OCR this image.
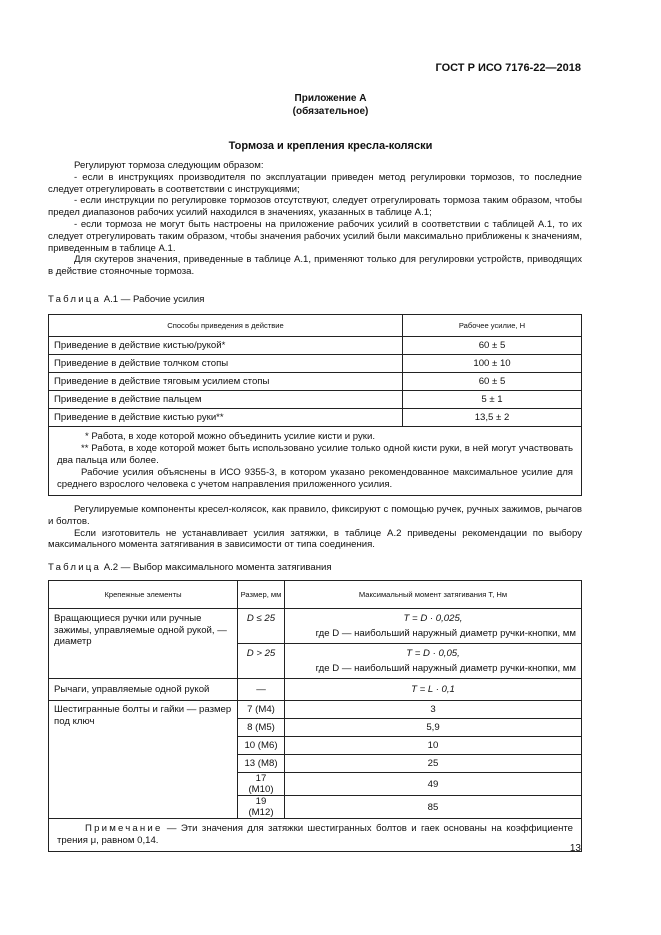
ГОСТ Р ИСО 7176-22—2018
Приложение А
(обязательное)
Тормоза и крепления кресла-коляски

Регулируют тормоза следующим образом:

- если в инструкциях производителя по эксплуатации приведен метод регулировки тормозов, то последние следует отрегулировать в соответствии с инструкциями;

- если инструкции по регулировке тормозов отсутствуют, следует отрегулировать тормоза таким образом, чтобы предел диапазонов рабочих усилий находился в значениях, указанных в таблице А.1;

- если тормоза не могут быть настроены на приложение рабочих усилий в соответствии с таблицей А.1, то их следует отрегулировать таким образом, чтобы значения рабочих усилий были максимально приближены к значениям, приведенным в таблице А.1.

Для скутеров значения, приведенные в таблице А.1, применяют только для регулировки устройств, приводящих в действие стояночные тормоза.

Таблица А.1 — Рабочие усилия
Способы приведения в действие	Рабочее усилие, Н
Приведение в действие кистью/рукой*	60 ± 5
Приведение в действие толчком стопы	100 ± 10
Приведение в действие тяговым усилием стопы	60 ± 5
Приведение в действие пальцем	5 ± 1
Приведение в действие кистью руки**	13,5 ± 2

* Работа, в ходе которой можно объединить усилие кисти и руки.

** Работа, в ходе которой может быть использовано усилие только одной кисти руки, в ней могут участвовать два пальца или более.

Рабочие усилия объяснены в ИСО 9355-3, в котором указано рекомендованное максимальное усилие для среднего взрослого человека с учетом направления приложенного усилия.	

Регулируемые компоненты кресел-колясок, как правило, фиксируют с помощью ручек, ручных зажимов, рычагов и болтов.

Если изготовитель не устанавливает усилия затяжки, в таблице А.2 приведены рекомендации по выбору максимального момента затягивания в зависимости от типа соединения.

Таблица А.2 — Выбор максимального момента затягивания
Крепежные элементы	Размер, мм	Максимальный момент затягивания T, Нм
Вращающиеся ручки или ручные зажимы, управляемые одной рукой, — диаметр	D ≤ 25	T = D · 0,025,
где D — наибольший наружный диаметр ручки-кнопки, мм

	D > 25	T = D · 0,05,
где D — наибольший наружный диаметр ручки-кнопки, мм

Рычаги, управляемые одной рукой	—	T = L · 0,1
Шестигранные болты и гайки — размер под ключ	7 (М4)	3
	8 (М5)	5,9
	10 (М6)	10
	13 (М8)	25
	17 (М10)	49
	19 (М12)	85
Примечание — Эти значения для затяжки шестигранных болтов и гаек основаны на коэффициенте трения μ, равном 0,14.		
13
